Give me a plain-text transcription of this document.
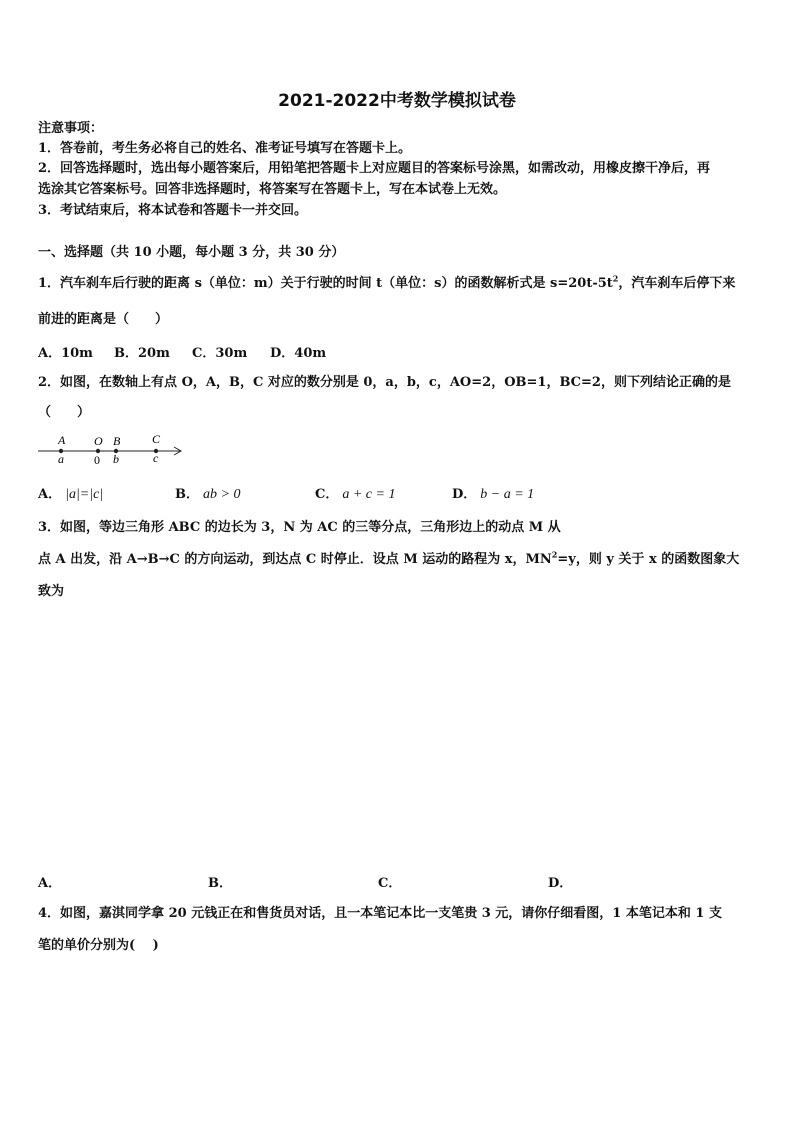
2021-2022中考数学模拟试卷
注意事项：
1．答卷前，考生务必将自己的姓名、准考证号填写在答题卡上。
2．回答选择题时，选出每小题答案后，用铅笔把答题卡上对应题目的答案标号涂黑，如需改动，用橡皮擦干净后，再
选涂其它答案标号。回答非选择题时，将答案写在答题卡上，写在本试卷上无效。
3．考试结束后，将本试卷和答题卡一并交回。
一、选择题（共 10 小题，每小题 3 分，共 30 分）
1．汽车刹车后行驶的距离 s（单位：m）关于行驶的时间 t（单位：s）的函数解析式是 $s=20t-5t^2$，汽车刹车后停下来
前进的距离是（　　）
A．10m B．20m C．30m D．40m
2．如图，在数轴上有点 O，A，B，C 对应的数分别是 0，a，b，c，AO=2，OB=1，BC=2，则下列结论正确的是
（　　）
A O B	C
a	0 b	c
A． |a|=|c|	B． ab > 0	C． a + c = 1	D． b − a = 1
3．如图，等边三角形 ABC 的边长为 3，N 为 AC 的三等分点，三角形边上的动点 M 从
点 A 出发，沿 A→B→C 的方向运动，到达点 C 时停止．设点 M 运动的路程为 x，$MN^2=y$，则 y 关于 x 的函数图象大
致为
A．	B．	C．	D．
4．如图，嘉淇同学拿 20 元钱正在和售货员对话，且一本笔记本比一支笔贵 3 元，请你仔细看图，1 本笔记本和 1 支
笔的单价分别为(　 )
